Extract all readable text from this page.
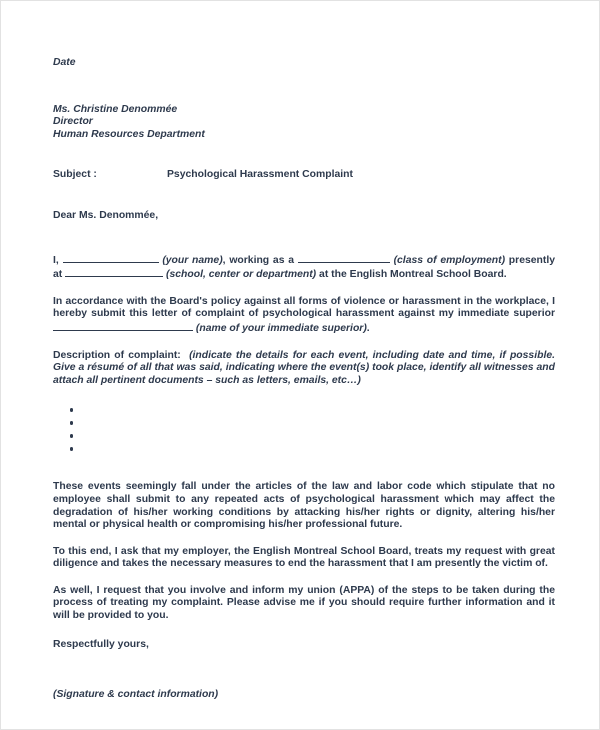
Date
Ms. Christine Denommée
Director
Human Resources Department
Subject :	Psychological Harassment Complaint
Dear Ms. Denommée,

I,	(your name), working as a	(class of employment) presently at	(school, center or department) at the English Montreal School Board.

In accordance with the Board's policy against all forms of violence or harassment in the workplace, I hereby submit this letter of complaint of psychological harassment against my immediate superior  (name of your immediate superior).

Description of complaint: (indicate the details for each event, including date and time, if possible. Give a résumé of all that was said, indicating where the event(s) took place, identify all witnesses and attach all pertinent documents – such as letters, emails, etc…)

These events seemingly fall under the articles of the law and labor code which stipulate that no employee shall submit to any repeated acts of psychological harassment which may affect the degradation of his/her working conditions by attacking his/her rights or dignity, altering his/her mental or physical health or compromising his/her professional future.

To this end, I ask that my employer, the English Montreal School Board, treats my request with great diligence and takes the necessary measures to end the harassment that I am presently the victim of.

As well, I request that you involve and inform my union (APPA) of the steps to be taken during the process of treating my complaint. Please advise me if you should require further information and it will be provided to you.

Respectfully yours,
(Signature & contact information)
